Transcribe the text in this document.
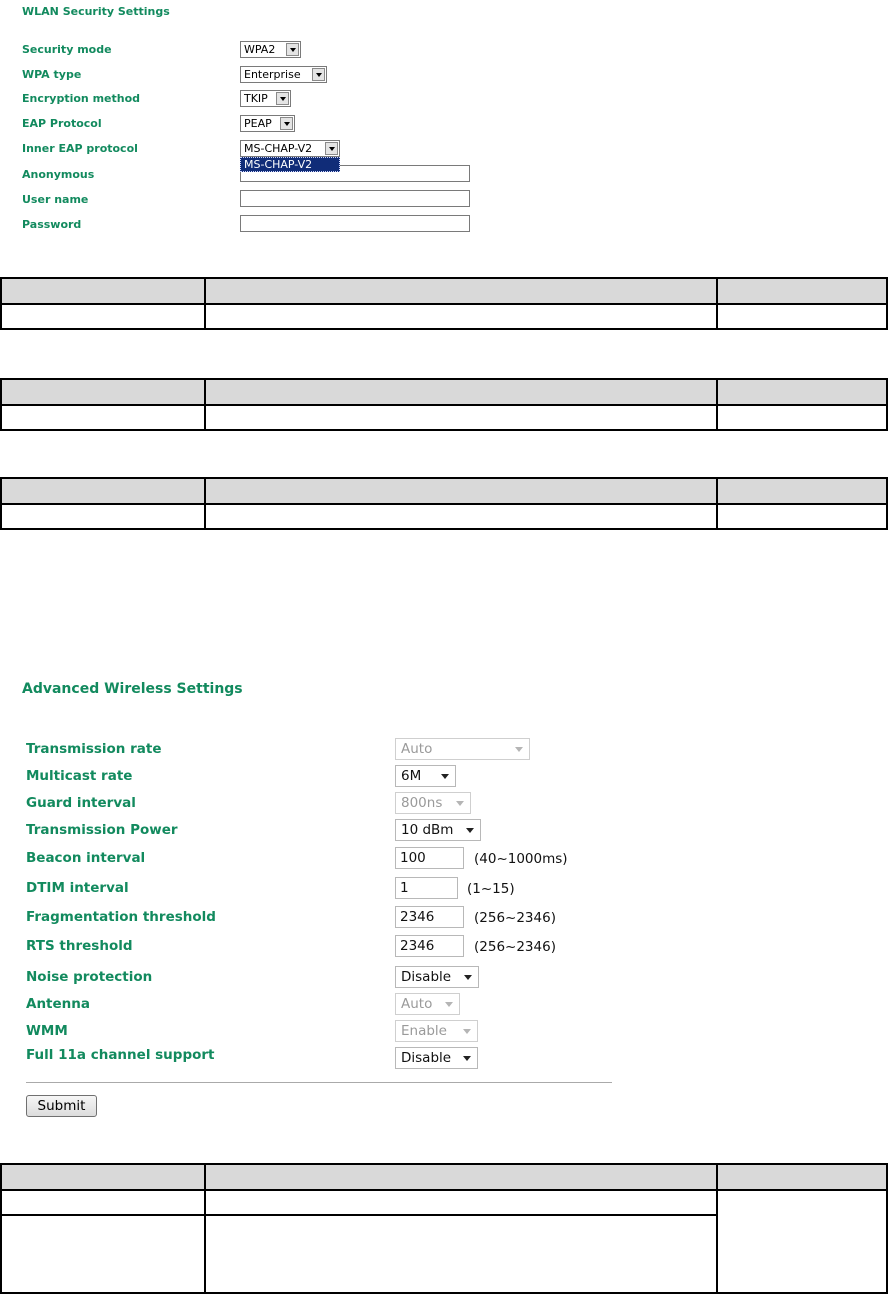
WLAN Security Settings
Security mode	WPA2
WPA type	Enterprise
Encryption method	TKIP
EAP Protocol	PEAP
Inner EAP protocol	MS-CHAP-V2
Anonymous
MS-CHAP-V2
User name
Password

Advanced Wireless Settings
Transmission rate	Auto
Multicast rate	6M
Guard interval	800ns
Transmission Power	10 dBm
Beacon interval	100	(40~1000ms)
DTIM interval	1	(1~15)
Fragmentation threshold	2346	(256~2346)
RTS threshold	2346	(256~2346)
Noise protection	Disable
Antenna	Auto
WMM	Enable
Full 11a channel support	Disable
Submit
